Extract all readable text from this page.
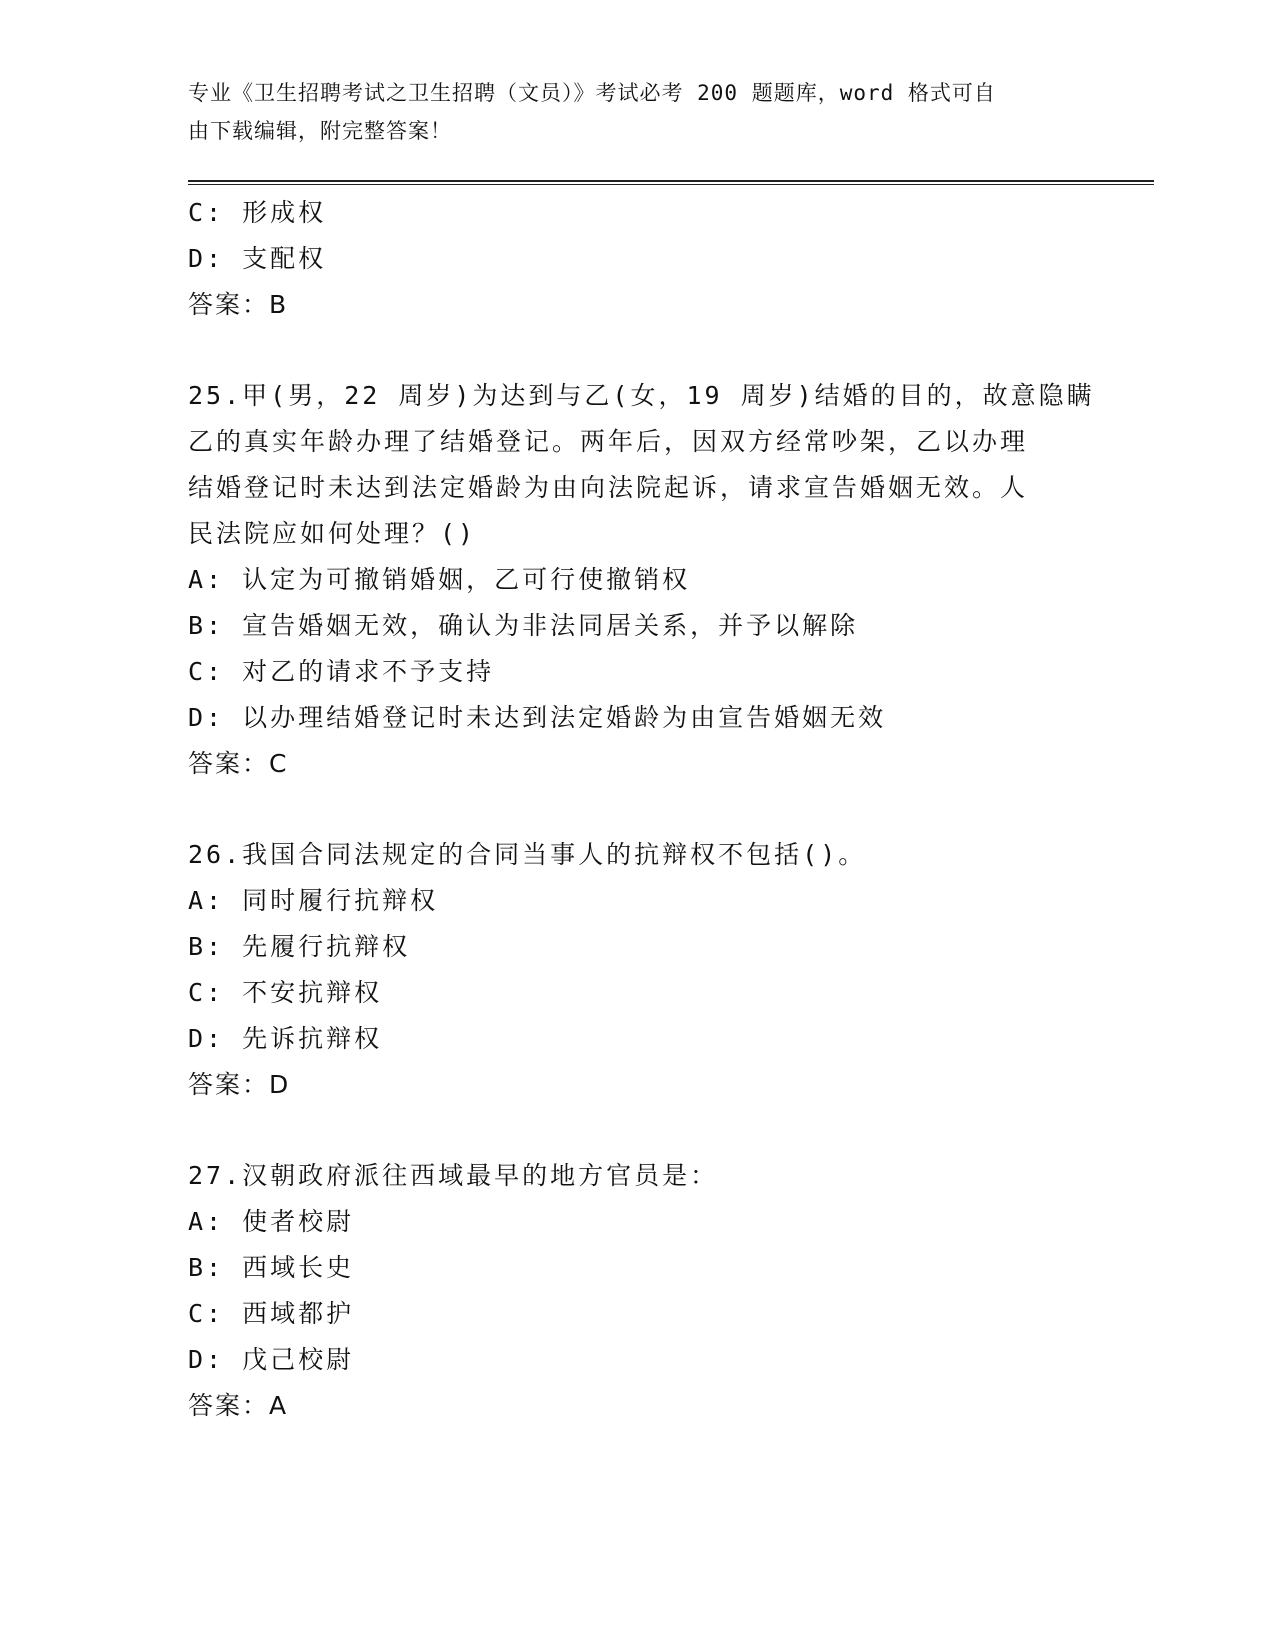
专业《卫生招聘考试之卫生招聘（文员）》考试必考 200 题题库，word 格式可自
由下载编辑，附完整答案！
C: 形成权
D: 支配权
答案：B
25.甲(男，22 周岁)为达到与乙(女，19 周岁)结婚的目的，故意隐瞒
乙的真实年龄办理了结婚登记。两年后，因双方经常吵架，乙以办理
结婚登记时未达到法定婚龄为由向法院起诉，请求宣告婚姻无效。人
民法院应如何处理？()
A: 认定为可撤销婚姻，乙可行使撤销权
B: 宣告婚姻无效，确认为非法同居关系，并予以解除
C: 对乙的请求不予支持
D: 以办理结婚登记时未达到法定婚龄为由宣告婚姻无效
答案：C
26.我国合同法规定的合同当事人的抗辩权不包括()。
A: 同时履行抗辩权
B: 先履行抗辩权
C: 不安抗辩权
D: 先诉抗辩权
答案：D
27.汉朝政府派往西域最早的地方官员是：
A: 使者校尉
B: 西域长史
C: 西域都护
D: 戊己校尉
答案：A
